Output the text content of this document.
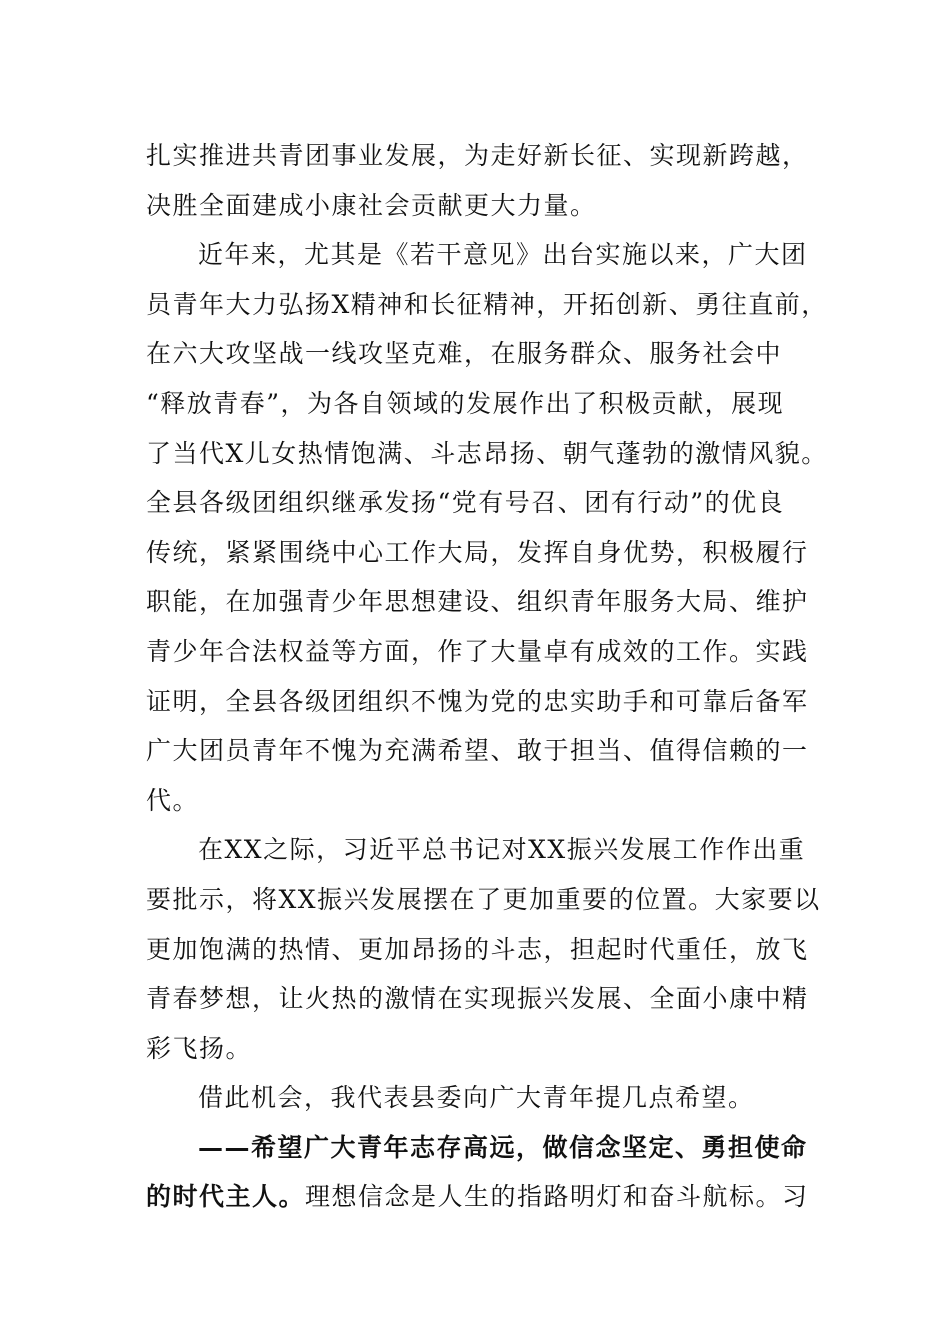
扎实推进共青团事业发展，为走好新长征、实现新跨越，
决胜全面建成小康社会贡献更大力量。
近年来，尤其是《若干意见》出台实施以来，广大团
员青年大力弘扬X精神和长征精神，开拓创新、勇往直前，
在六大攻坚战一线攻坚克难，在服务群众、服务社会中
“释放青春”，为各自领域的发展作出了积极贡献，展现
了当代X儿女热情饱满、斗志昂扬、朝气蓬勃的激情风貌。
全县各级团组织继承发扬“党有号召、团有行动”的优良
传统，紧紧围绕中心工作大局，发挥自身优势，积极履行
职能，在加强青少年思想建设、组织青年服务大局、维护
青少年合法权益等方面，作了大量卓有成效的工作。实践
证明，全县各级团组织不愧为党的忠实助手和可靠后备军
广大团员青年不愧为充满希望、敢于担当、值得信赖的一
代。
在XX之际，习近平总书记对XX振兴发展工作作出重
要批示，将XX振兴发展摆在了更加重要的位置。大家要以
更加饱满的热情、更加昂扬的斗志，担起时代重任，放飞
青春梦想，让火热的激情在实现振兴发展、全面小康中精
彩飞扬。
借此机会，我代表县委向广大青年提几点希望。
——希望广大青年志存高远，做信念坚定、勇担使命
的时代主人。理想信念是人生的指路明灯和奋斗航标。习
